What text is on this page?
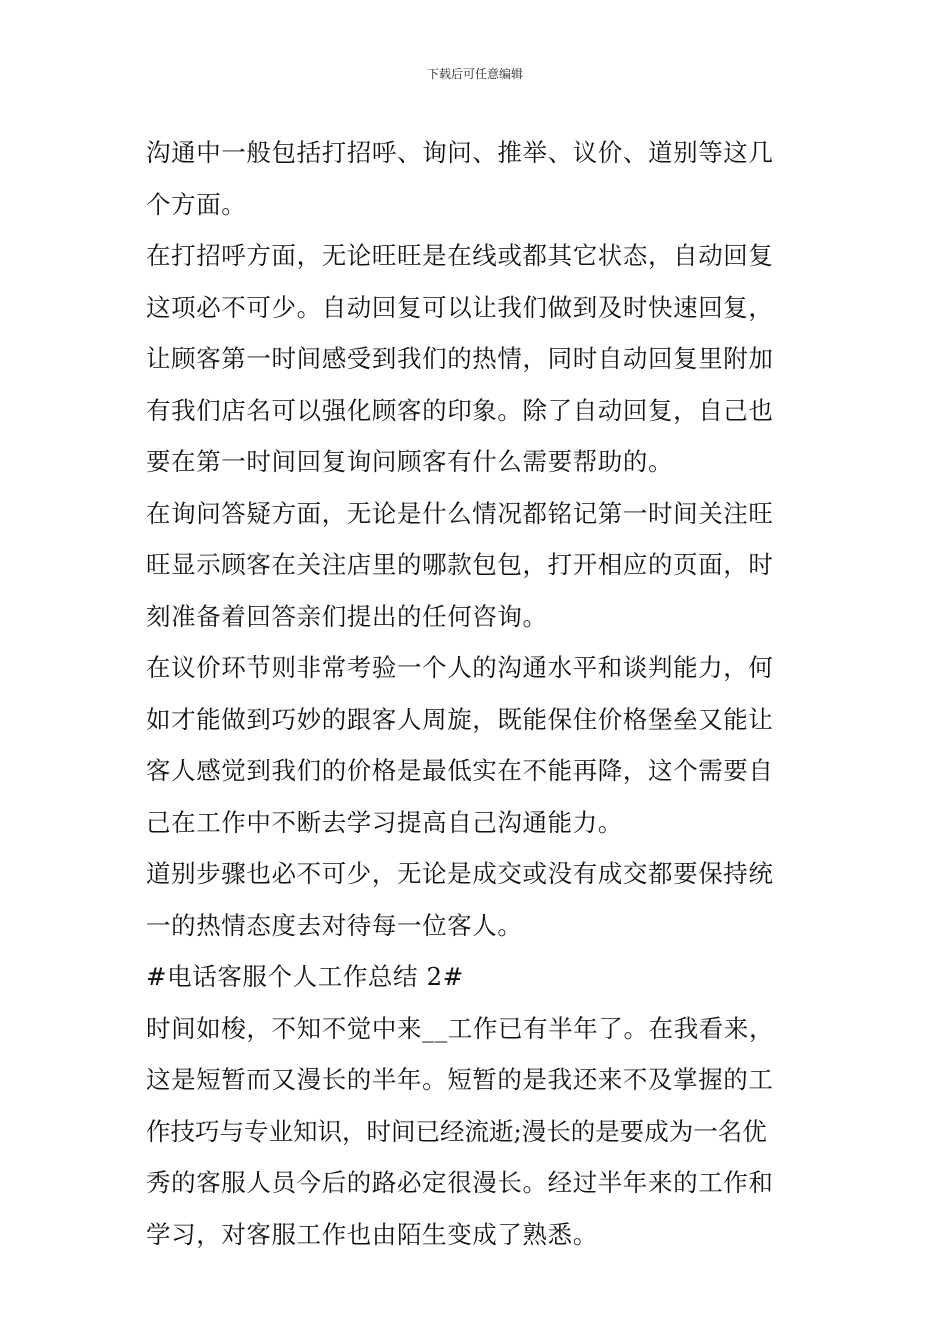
下载后可任意编辑
沟通中一般包括打招呼、询问、推举、议价、道别等这几
个方面。
在打招呼方面，无论旺旺是在线或都其它状态，自动回复
这项必不可少。自动回复可以让我们做到及时快速回复，
让顾客第一时间感受到我们的热情，同时自动回复里附加
有我们店名可以强化顾客的印象。除了自动回复，自己也
要在第一时间回复询问顾客有什么需要帮助的。
在询问答疑方面，无论是什么情况都铭记第一时间关注旺
旺显示顾客在关注店里的哪款包包，打开相应的页面，时
刻准备着回答亲们提出的任何咨询。
在议价环节则非常考验一个人的沟通水平和谈判能力，何
如才能做到巧妙的跟客人周旋，既能保住价格堡垒又能让
客人感觉到我们的价格是最低实在不能再降，这个需要自
己在工作中不断去学习提高自己沟通能力。
道别步骤也必不可少，无论是成交或没有成交都要保持统
一的热情态度去对待每一位客人。
#电话客服个人工作总结 2#
时间如梭，不知不觉中来__工作已有半年了。在我看来，
这是短暂而又漫长的半年。短暂的是我还来不及掌握的工
作技巧与专业知识，时间已经流逝;漫长的是要成为一名优
秀的客服人员今后的路必定很漫长。经过半年来的工作和
学习，对客服工作也由陌生变成了熟悉。
